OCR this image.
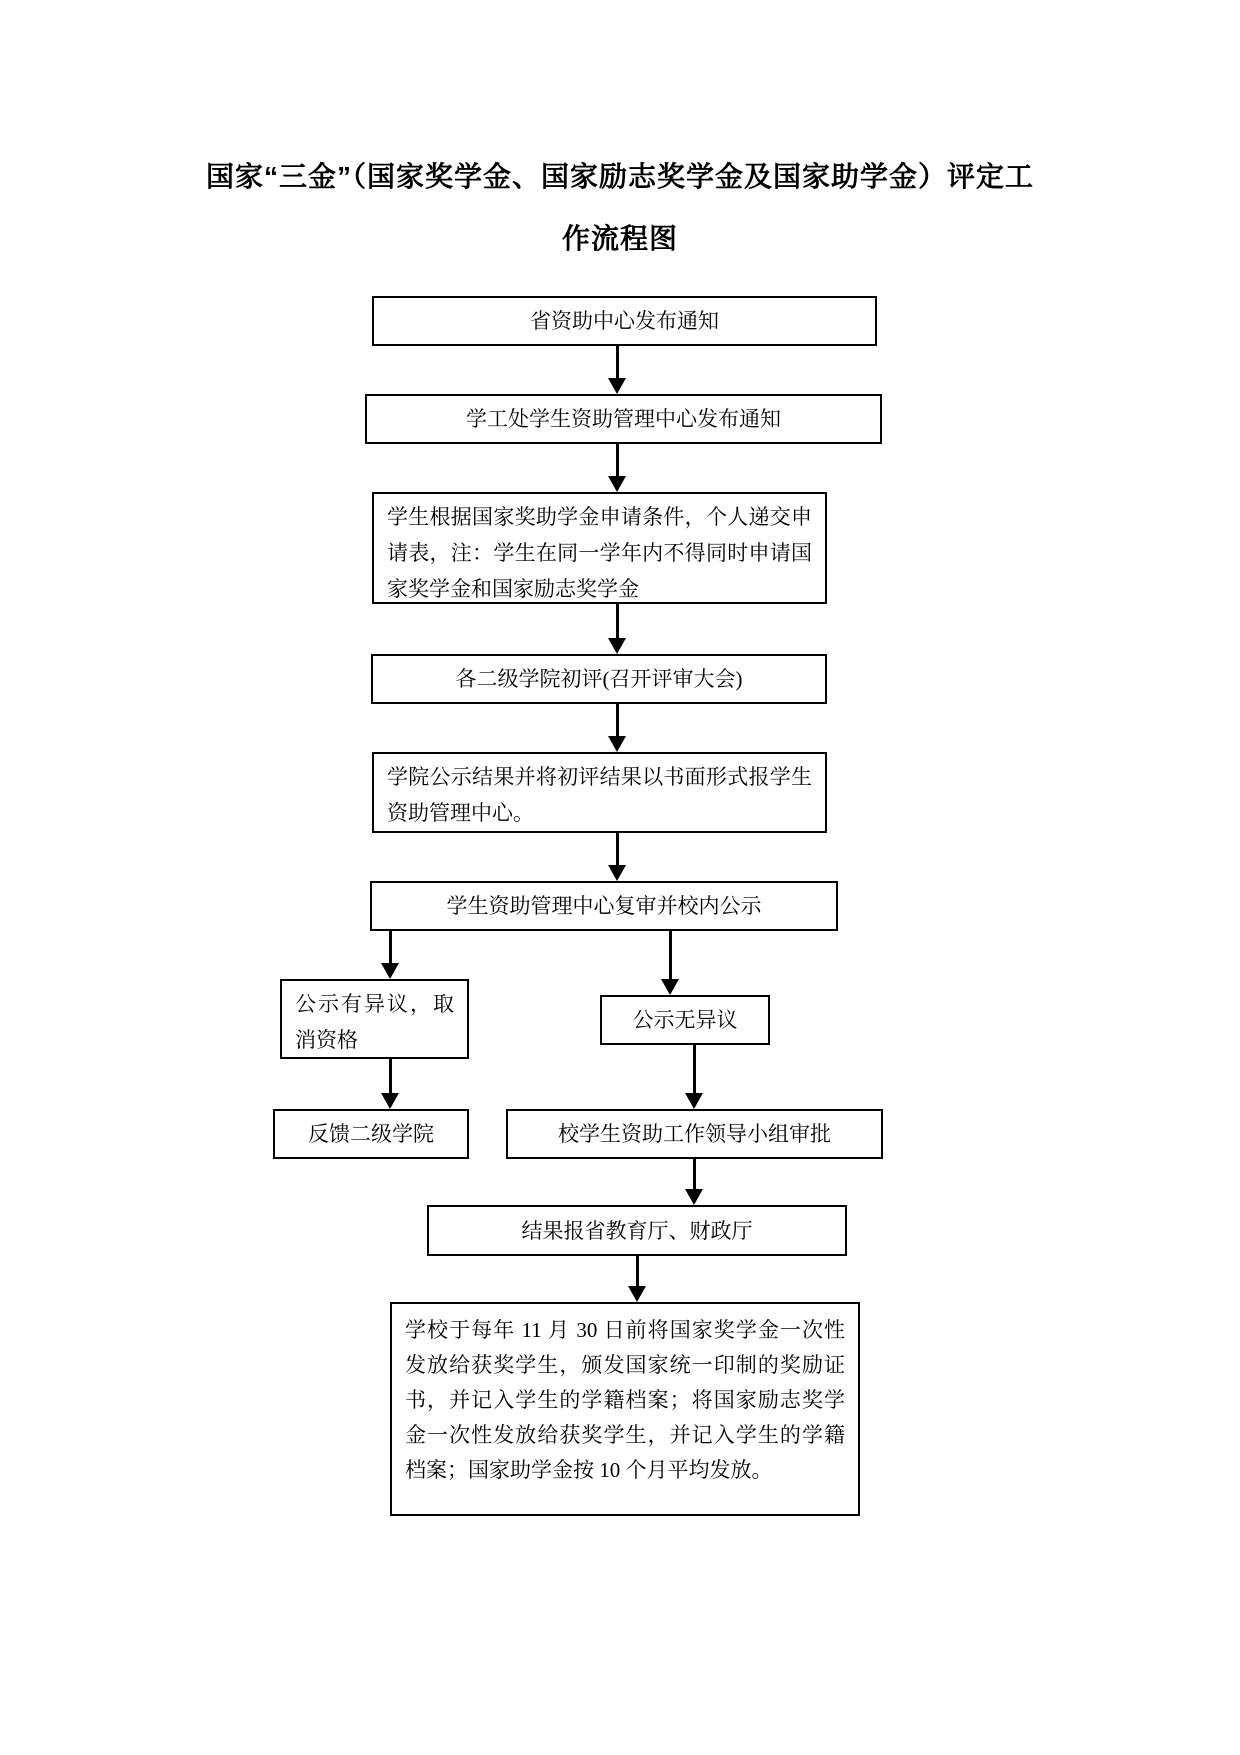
国家“三金”（国家奖学金、国家励志奖学金及国家助学金）评定工
作流程图
省资助中心发布通知
学工处学生资助管理中心发布通知
学生根据国家奖助学金申请条件，个人递交申请表，注：学生在同一学年内不得同时申请国家奖学金和国家励志奖学金
各二级学院初评(召开评审大会)
学院公示结果并将初评结果以书面形式报学生资助管理中心。
学生资助管理中心复审并校内公示
公示有异议，取消资格
公示无异议
反馈二级学院	校学生资助工作领导小组审批
结果报省教育厅、财政厅
学校于每年 11 月 30 日前将国家奖学金一次性发放给获奖学生，颁发国家统一印制的奖励证书，并记入学生的学籍档案；将国家励志奖学金一次性发放给获奖学生，并记入学生的学籍档案；国家助学金按 10 个月平均发放。
